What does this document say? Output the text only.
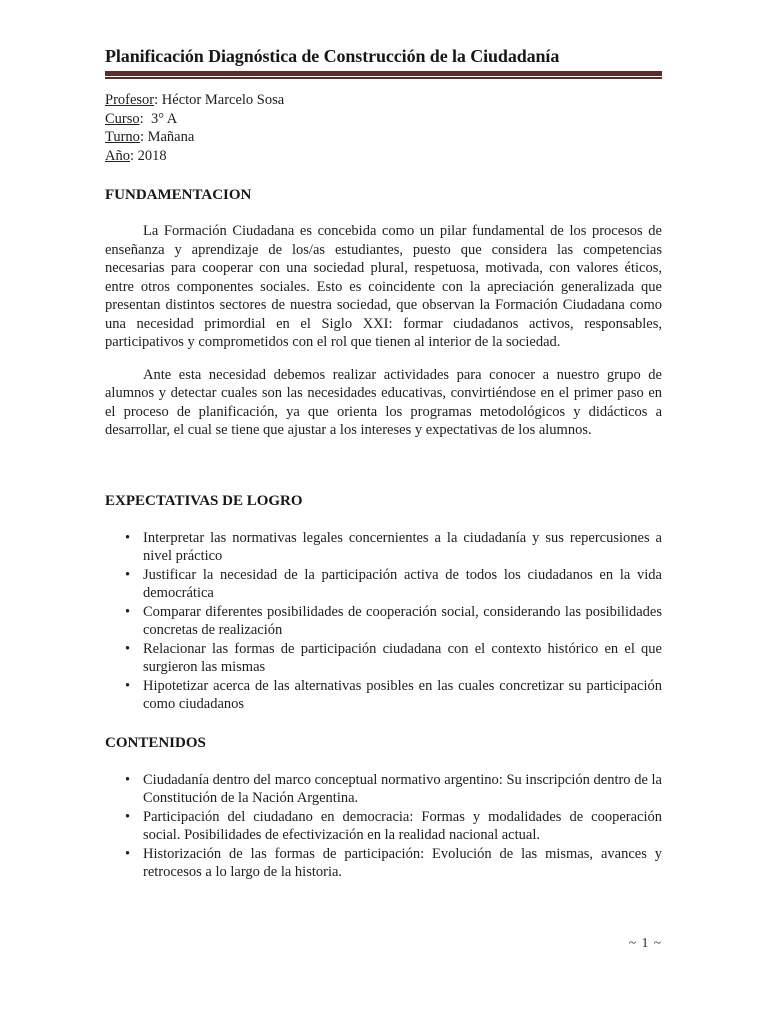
Planificación Diagnóstica de Construcción de la Ciudadanía
Profesor: Héctor Marcelo Sosa
Curso:  3° A
Turno: Mañana
Año: 2018
FUNDAMENTACION

La Formación Ciudadana es concebida como un pilar fundamental de los procesos de enseñanza y aprendizaje de los/as estudiantes, puesto que considera las competencias necesarias para cooperar con una sociedad plural, respetuosa, motivada, con valores éticos, entre otros componentes sociales. Esto es coincidente con la apreciación generalizada que presentan distintos sectores de nuestra sociedad, que observan la Formación Ciudadana como una necesidad primordial en el Siglo XXI: formar ciudadanos activos, responsables, participativos y comprometidos con el rol que tienen al interior de la sociedad.

Ante esta necesidad debemos realizar actividades para conocer a nuestro grupo de alumnos y detectar cuales son las necesidades educativas, convirtiéndose en el primer paso en el proceso de planificación, ya que orienta los programas metodológicos y didácticos a desarrollar, el cual se tiene que ajustar a los intereses y expectativas de los alumnos.

EXPECTATIVAS DE LOGRO
• Interpretar las normativas legales concernientes a la ciudadanía y sus repercusiones a nivel práctico
• Justificar la necesidad de la participación activa de todos los ciudadanos en la vida democrática
• Comparar diferentes posibilidades de cooperación social, considerando las posibilidades concretas de realización
• Relacionar las formas de participación ciudadana con el contexto histórico en el que surgieron las mismas
• Hipotetizar acerca de las alternativas posibles en las cuales concretizar su participación como ciudadanos
CONTENIDOS
• Ciudadanía dentro del marco conceptual normativo argentino: Su inscripción dentro de la Constitución de la Nación Argentina.
• Participación del ciudadano en democracia: Formas y modalidades de cooperación social. Posibilidades de efectivización en la realidad nacional actual.
• Historización de las formas de participación: Evolución de las mismas, avances y retrocesos a lo largo de la historia.
~ 1 ~
